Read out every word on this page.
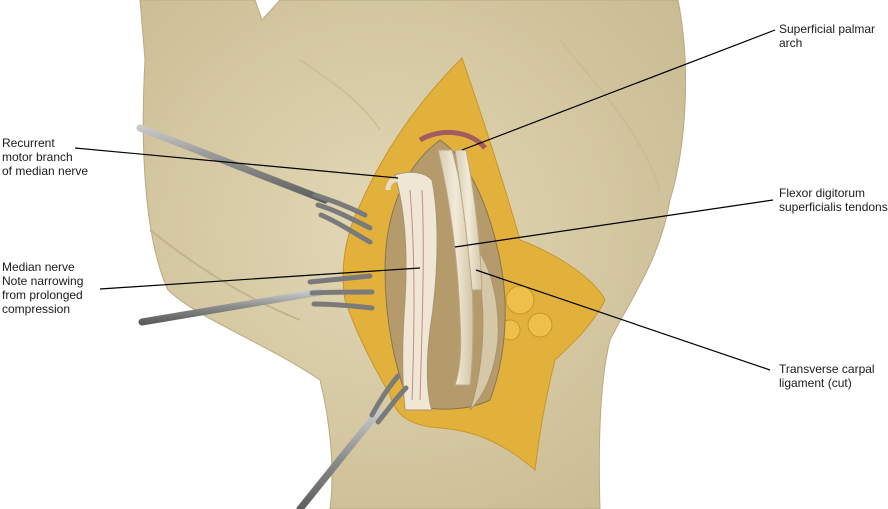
Superficial palmar
arch
Recurrent
motor branch
of median nerve
Flexor digitorum
superficialis tendons
Median nerve
Note narrowing
from prolonged
compression
Transverse carpal
ligament (cut)
